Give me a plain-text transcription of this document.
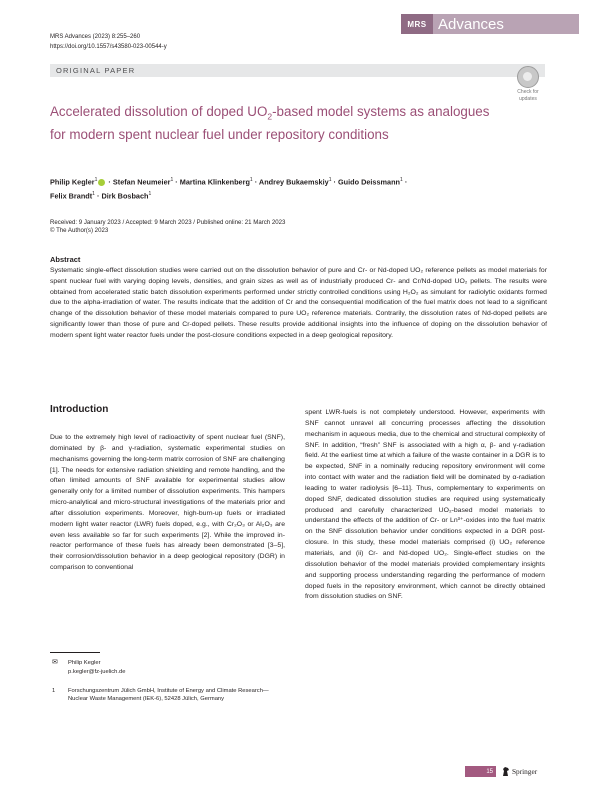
MRS Advances
MRS Advances (2023) 8:255–260
https://doi.org/10.1557/s43580-023-00544-y
ORIGINAL PAPER
Check for
updates
Accelerated dissolution of doped $UO_2$-based model systems as analogues for modern spent nuclear fuel under repository conditions
Philip Kegler$^1$ · Stefan Neumeier$^1$ · Martina Klinkenberg$^1$ · Andrey Bukaemskiy$^1$ · Guido Deissmann$^1$ ·
Felix Brandt$^1$ · Dirk Bosbach$^1$
Received: 9 January 2023 / Accepted: 9 March 2023 / Published online: 21 March 2023
© The Author(s) 2023
Abstract

Systematic single-effect dissolution studies were carried out on the dissolution behavior of pure and Cr- or Nd-doped UO₂ reference pellets as model materials for spent nuclear fuel with varying doping levels, densities, and grain sizes as well as of industrially produced Cr- and Cr/Nd-doped UO₂ pellets. The results were obtained from accelerated static batch dissolution experiments performed under strictly controlled conditions using H₂O₂ as simulant for radiolytic oxidants formed due to the alpha-irradiation of water. The results indicate that the addition of Cr and the consequential modification of the fuel matrix does not lead to a significant change of the dissolution behavior of these model materials compared to pure UO₂ reference materials. Contrarily, the dissolution rates of Nd-doped pellets are significantly lower than those of pure and Cr-doped pellets. These results provide additional insights into the influence of doping on the dissolution behavior of modern spent light water reactor fuels under the post-closure conditions expected in a deep geological repository.

Introduction

Due to the extremely high level of radioactivity of spent nuclear fuel (SNF), dominated by β- and γ-radiation, systematic experimental studies on mechanisms governing the long-term matrix corrosion of SNF are challenging [1]. The needs for extensive radiation shielding and remote handling, and the often limited amounts of SNF available for experimental studies allow generally only for a limited number of dissolution experiments. This hampers micro-analytical and micro-structural investigations of the materials prior and after dissolution experiments. Moreover, high-burn-up fuels or irradiated modern light water reactor (LWR) fuels doped, e.g., with Cr₂O₃ or Al₂O₃ are even less available so far for such experiments [2]. While the improved in-reactor performance of these fuels has already been demonstrated [3–5], their corrosion/dissolution behavior in a deep geological repository (DGR) in comparison to conventional

spent LWR-fuels is not completely understood. However, experiments with SNF cannot unravel all concurring processes affecting the dissolution mechanism in aqueous media, due to the chemical and structural complexity of SNF. In addition, “fresh” SNF is associated with a high α, β- and γ-radiation field. At the earliest time at which a failure of the waste container in a DGR is to be expected, SNF in a nominally reducing repository environment will come into contact with water and the radiation field will be dominated by α-radiation leading to water radiolysis [6–11]. Thus, complementary to experiments on doped SNF, dedicated dissolution studies are required using systematically produced and carefully characterized UO₂-based model materials to understand the effects of the addition of Cr- or Ln³⁺-oxides into the fuel matrix on the SNF dissolution behavior under conditions expected in a DGR post-closure. In this study, these model materials comprised (i) UO₂ reference materials, and (ii) Cr- and Nd-doped UO₂. Single-effect studies on the dissolution behavior of the model materials provided complementary insights and supporting process understanding regarding the performance of modern doped fuels in the repository environment, which cannot be directly obtained from dissolution studies on SNF.

✉ Philip Kegler
p.kegler@fz-juelich.de
1 Forschungszentrum Jülich GmbH, Institute of Energy and Climate Research—Nuclear Waste Management (IEK-6), 52428 Jülich, Germany
15	Springer
